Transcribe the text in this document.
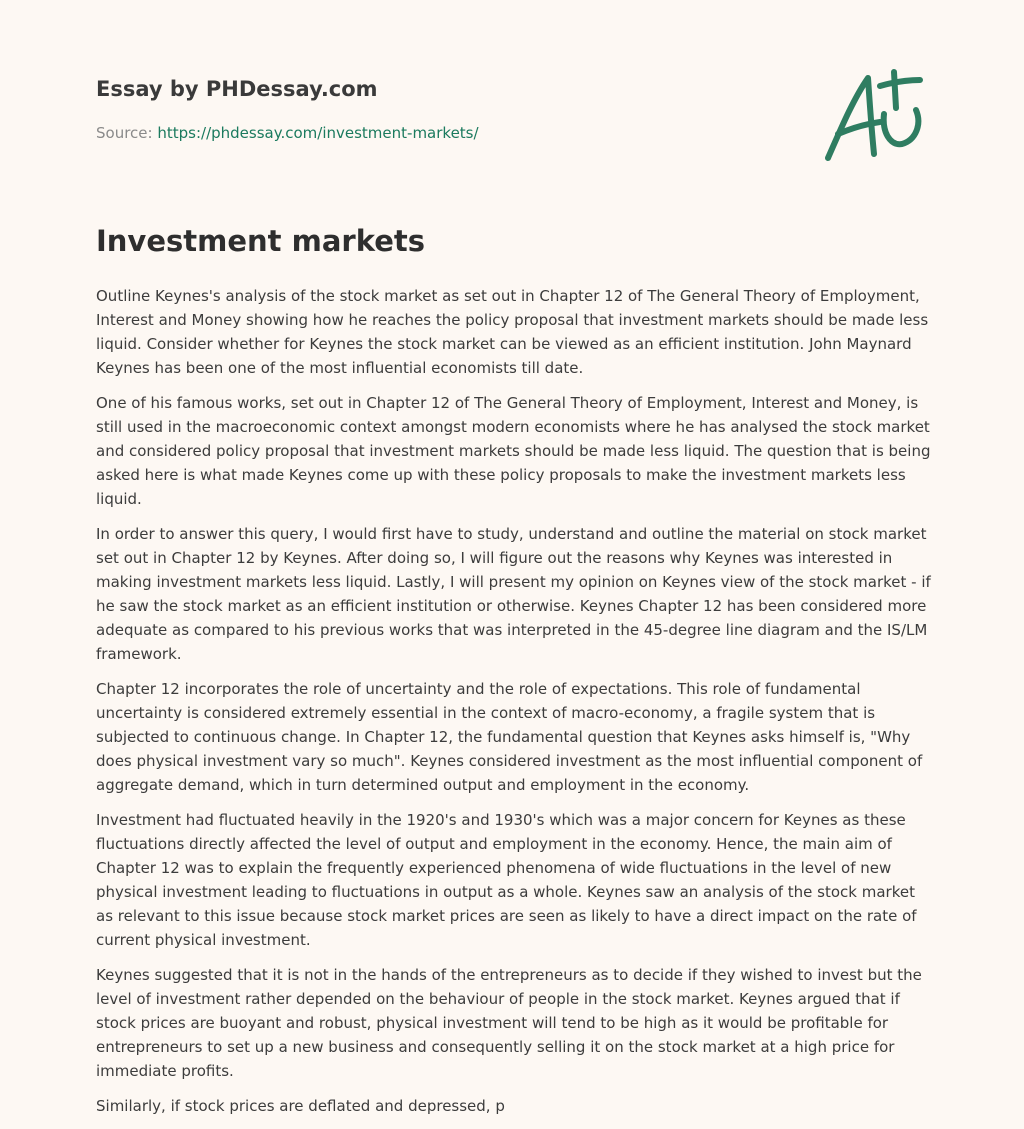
Essay by PHDessay.com
Source: https://phdessay.com/investment-markets/
Investment markets

Outline Keynes's analysis of the stock market as set out in Chapter 12 of The General Theory of Employment, Interest and Money showing how he reaches the policy proposal that investment markets should be made less liquid. Consider whether for Keynes the stock market can be viewed as an efficient institution. John Maynard Keynes has been one of the most influential economists till date.

One of his famous works, set out in Chapter 12 of The General Theory of Employment, Interest and Money, is still used in the macroeconomic context amongst modern economists where he has analysed the stock market and considered policy proposal that investment markets should be made less liquid. The question that is being asked here is what made Keynes come up with these policy proposals to make the investment markets less liquid.

In order to answer this query, I would first have to study, understand and outline the material on stock market set out in Chapter 12 by Keynes. After doing so, I will figure out the reasons why Keynes was interested in making investment markets less liquid. Lastly, I will present my opinion on Keynes view of the stock market - if he saw the stock market as an efficient institution or otherwise. Keynes Chapter 12 has been considered more adequate as compared to his previous works that was interpreted in the 45-degree line diagram and the IS/LM framework.

Chapter 12 incorporates the role of uncertainty and the role of expectations. This role of fundamental uncertainty is considered extremely essential in the context of macro-economy, a fragile system that is subjected to continuous change. In Chapter 12, the fundamental question that Keynes asks himself is, "Why does physical investment vary so much". Keynes considered investment as the most influential component of aggregate demand, which in turn determined output and employment in the economy.

Investment had fluctuated heavily in the 1920's and 1930's which was a major concern for Keynes as these fluctuations directly affected the level of output and employment in the economy. Hence, the main aim of Chapter 12 was to explain the frequently experienced phenomena of wide fluctuations in the level of new physical investment leading to fluctuations in output as a whole. Keynes saw an analysis of the stock market as relevant to this issue because stock market prices are seen as likely to have a direct impact on the rate of current physical investment.

Keynes suggested that it is not in the hands of the entrepreneurs as to decide if they wished to invest but the level of investment rather depended on the behaviour of people in the stock market. Keynes argued that if stock prices are buoyant and robust, physical investment will tend to be high as it would be profitable for entrepreneurs to set up a new business and consequently selling it on the stock market at a high price for immediate profits.

Similarly, if stock prices are deflated and depressed, p
